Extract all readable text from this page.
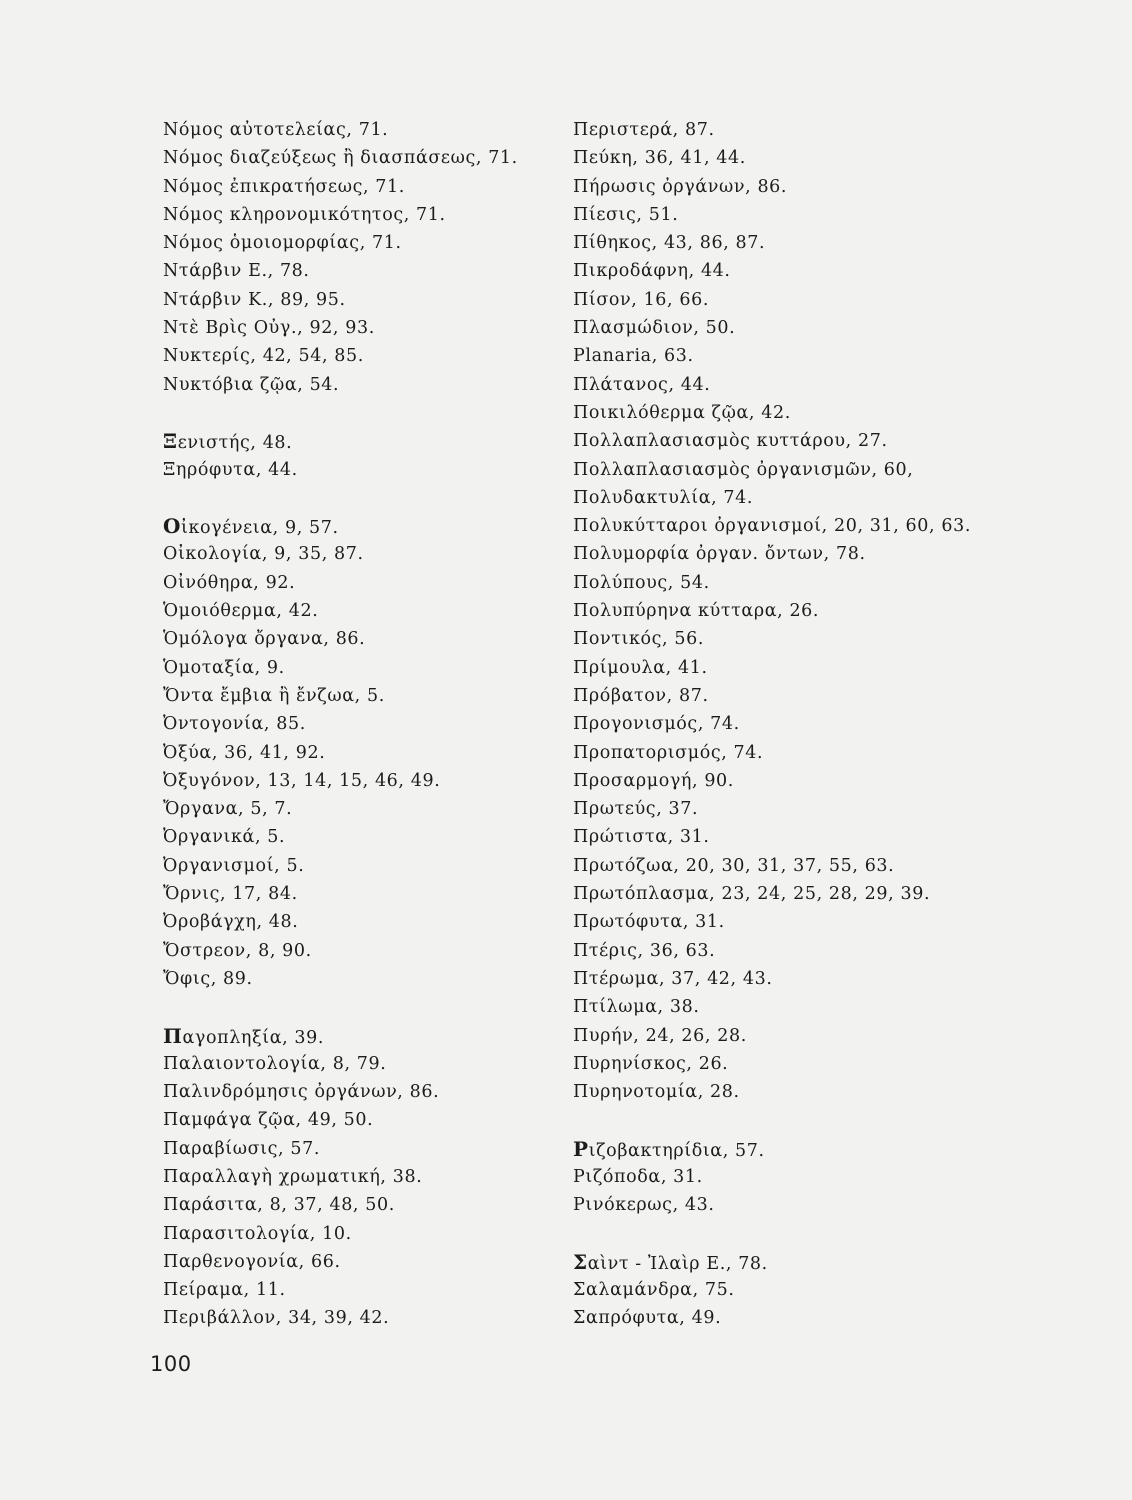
Νόμος αὐτοτελείας, 71.
Νόμος διαζεύξεως ἢ διασπάσεως, 71.
Νόμος ἐπικρατήσεως, 71.
Νόμος κληρονομικότητος, 71.
Νόμος ὁμοιομορφίας, 71.
Ντάρβιν Ε., 78.
Ντάρβιν Κ., 89, 95.
Ντὲ Βρὶς Οὐγ., 92, 93.
Νυκτερίς, 42, 54, 85.
Νυκτόβια ζῷα, 54.
Ξενιστής, 48.
Ξηρόφυτα, 44.
Οἰκογένεια, 9, 57.
Οἰκολογία, 9, 35, 87.
Οἰνόθηρα, 92.
Ὁμοιόθερμα, 42.
Ὁμόλογα ὄργανα, 86.
Ὁμοταξία, 9.
Ὄντα ἔμβια ἢ ἔνζωα, 5.
Ὀντογονία, 85.
Ὀξύα, 36, 41, 92.
Ὀξυγόνον, 13, 14, 15, 46, 49.
Ὄργανα, 5, 7.
Ὀργανικά, 5.
Ὀργανισμοί, 5.
Ὄρνις, 17, 84.
Ὀροβάγχη, 48.
Ὄστρεον, 8, 90.
Ὄφις, 89.
Παγοπληξία, 39.
Παλαιοντολογία, 8, 79.
Παλινδρόμησις ὀργάνων, 86.
Παμφάγα ζῷα, 49, 50.
Παραβίωσις, 57.
Παραλλαγὴ χρωματική, 38.
Παράσιτα, 8, 37, 48, 50.
Παρασιτολογία, 10.
Παρθενογονία, 66.
Πείραμα, 11.
Περιβάλλον, 34, 39, 42.
Περιστερά, 87.
Πεύκη, 36, 41, 44.
Πήρωσις ὀργάνων, 86.
Πίεσις, 51.
Πίθηκος, 43, 86, 87.
Πικροδάφνη, 44.
Πίσον, 16, 66.
Πλασμώδιον, 50.
Planaria, 63.
Πλάτανος, 44.
Ποικιλόθερμα ζῷα, 42.
Πολλαπλασιασμὸς κυττάρου, 27.
Πολλαπλασιασμὸς ὀργανισμῶν, 60,
Πολυδακτυλία, 74.
Πολυκύτταροι ὀργανισμοί, 20, 31, 60, 63.
Πολυμορφία ὀργαν. ὄντων, 78.
Πολύπους, 54.
Πολυπύρηνα κύτταρα, 26.
Ποντικός, 56.
Πρίμουλα, 41.
Πρόβατον, 87.
Προγονισμός, 74.
Προπατορισμός, 74.
Προσαρμογή, 90.
Πρωτεύς, 37.
Πρώτιστα, 31.
Πρωτόζωα, 20, 30, 31, 37, 55, 63.
Πρωτόπλασμα, 23, 24, 25, 28, 29, 39.
Πρωτόφυτα, 31.
Πτέρις, 36, 63.
Πτέρωμα, 37, 42, 43.
Πτίλωμα, 38.
Πυρήν, 24, 26, 28.
Πυρηνίσκος, 26.
Πυρηνοτομία, 28.
Ριζοβακτηρίδια, 57.
Ριζόποδα, 31.
Ρινόκερως, 43.
Σαὶντ - Ἰλαὶρ Ε., 78.
Σαλαμάνδρα, 75.
Σαπρόφυτα, 49.
100
